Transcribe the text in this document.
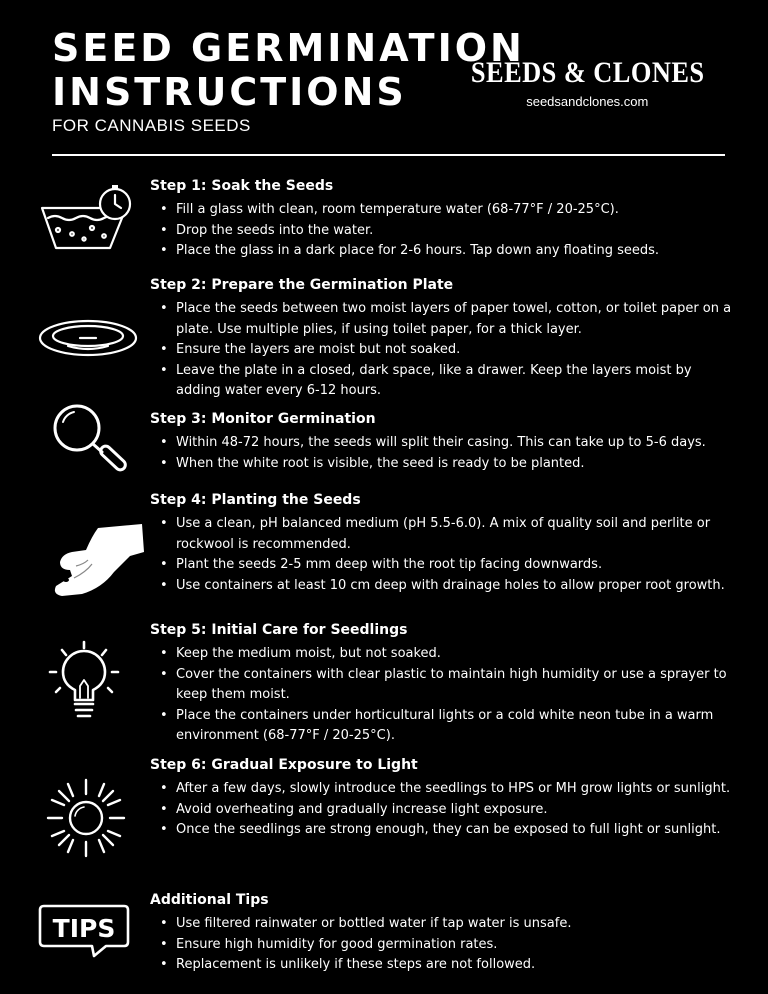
SEED GERMINATION
INSTRUCTIONS
FOR CANNABIS SEEDS
SEEDS & CLONES
seedsandclones.com
TIPS
Step 1: Soak the Seeds
• Fill a glass with clean, room temperature water (68-77°F / 20-25°C).
• Drop the seeds into the water.
• Place the glass in a dark place for 2-6 hours. Tap down any floating seeds.
Step 2: Prepare the Germination Plate
• Place the seeds between two moist layers of paper towel, cotton, or toilet paper on a plate. Use multiple plies, if using toilet paper, for a thick layer.
• Ensure the layers are moist but not soaked.
• Leave the plate in a closed, dark space, like a drawer. Keep the layers moist by adding water every 6-12 hours.
Step 3: Monitor Germination
• Within 48-72 hours, the seeds will split their casing. This can take up to 5-6 days.
• When the white root is visible, the seed is ready to be planted.
Step 4: Planting the Seeds
• Use a clean, pH balanced medium (pH 5.5-6.0). A mix of quality soil and perlite or rockwool is recommended.
• Plant the seeds 2-5 mm deep with the root tip facing downwards.
• Use containers at least 10 cm deep with drainage holes to allow proper root growth.
Step 5: Initial Care for Seedlings
• Keep the medium moist, but not soaked.
• Cover the containers with clear plastic to maintain high humidity or use a sprayer to keep them moist.
• Place the containers under horticultural lights or a cold white neon tube in a warm environment (68-77°F / 20-25°C).
Step 6: Gradual Exposure to Light
• After a few days, slowly introduce the seedlings to HPS or MH grow lights or sunlight.
• Avoid overheating and gradually increase light exposure.
• Once the seedlings are strong enough, they can be exposed to full light or sunlight.
Additional Tips
• Use filtered rainwater or bottled water if tap water is unsafe.
• Ensure high humidity for good germination rates.
• Replacement is unlikely if these steps are not followed.
